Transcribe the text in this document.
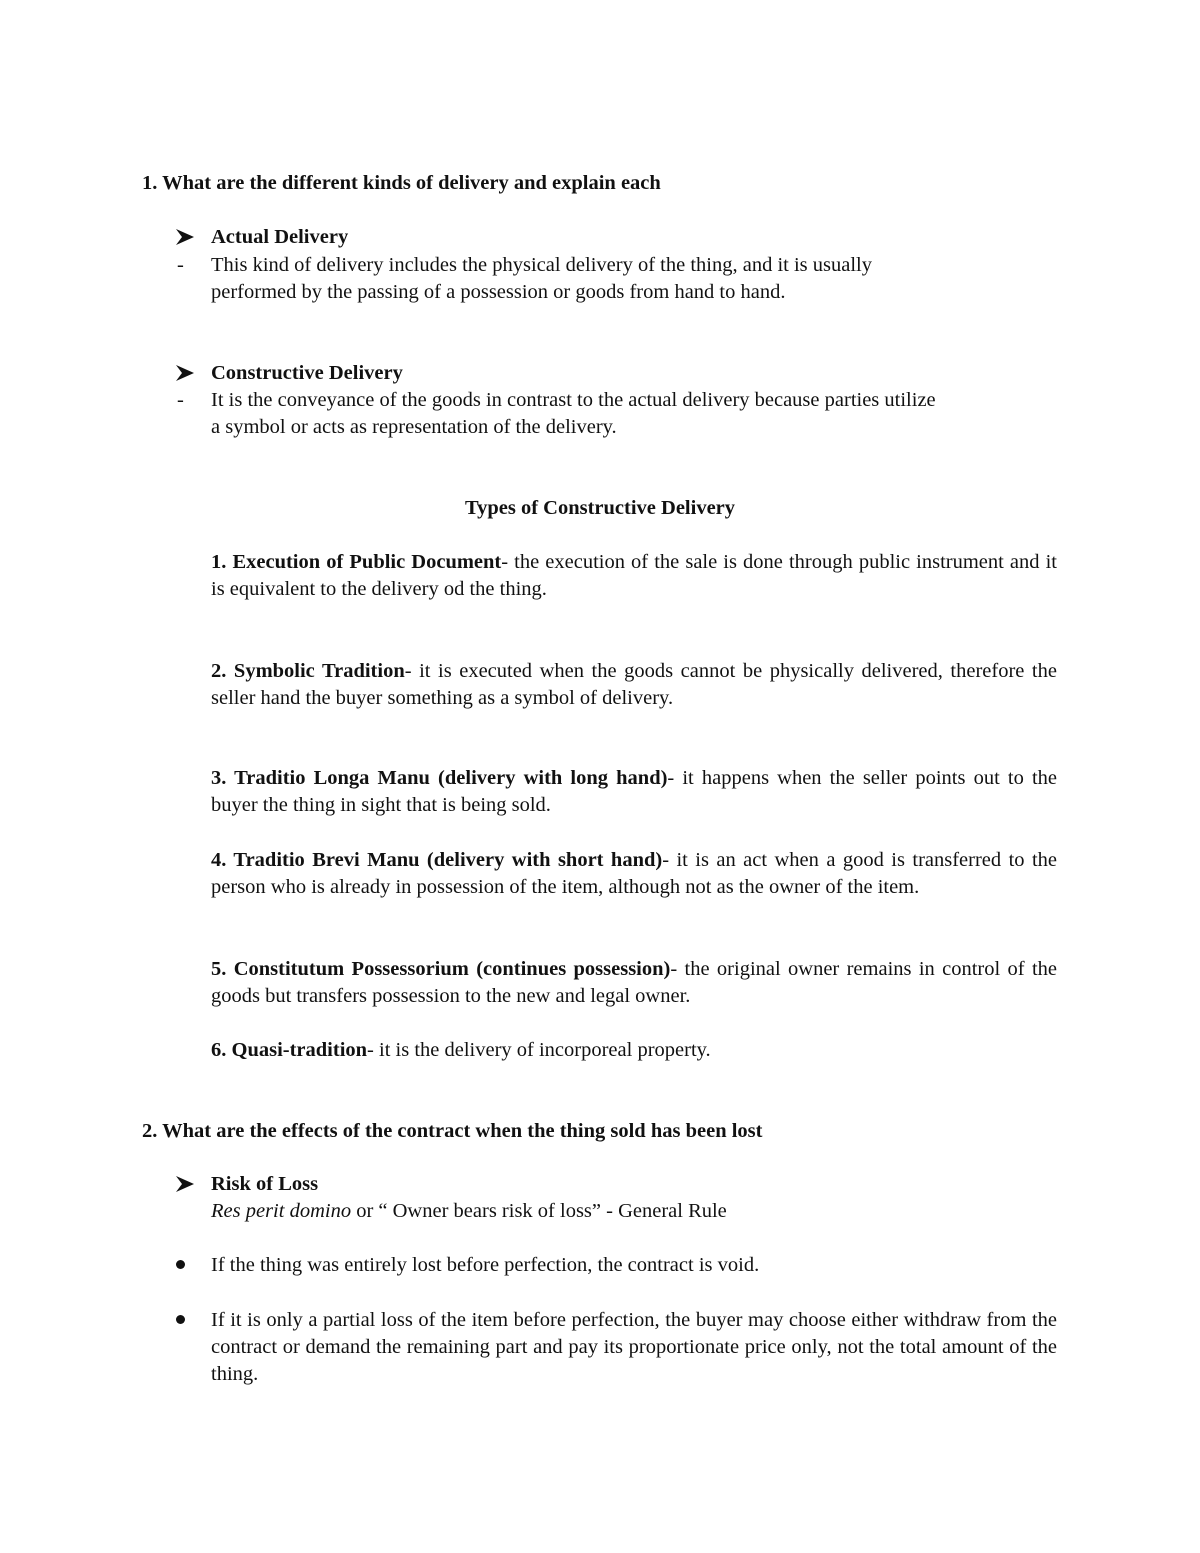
1. What are the different kinds of delivery and explain each
Actual Delivery
- This kind of delivery includes the physical delivery of the thing, and it is usually

performed by the passing of a possession or goods from hand to hand.

Constructive Delivery
- It is the conveyance of the goods in contrast to the actual delivery because parties utilize

a symbol or acts as representation of the delivery.

Types of Constructive Delivery
1. Execution of Public Document- the execution of the sale is done through public instrument and it is equivalent to the delivery od the thing.
2. Symbolic Tradition- it is executed when the goods cannot be physically delivered, therefore the seller hand the buyer something as a symbol of delivery.
3. Traditio Longa Manu (delivery with long hand)- it happens when the seller points out to the buyer the thing in sight that is being sold.
4. Traditio Brevi Manu (delivery with short hand)- it is an act when a good is transferred to the person who is already in possession of the item, although not as the owner of the item.
5. Constitutum Possessorium (continues possession)- the original owner remains in control of the goods but transfers possession to the new and legal owner.
6. Quasi-tradition- it is the delivery of incorporeal property.
2. What are the effects of the contract when the thing sold has been lost
Risk of Loss
Res perit domino or “ Owner bears risk of loss” - General Rule
If the thing was entirely lost before perfection, the contract is void.
If it is only a partial loss of the item before perfection, the buyer may choose either withdraw from the contract or demand the remaining part and pay its proportionate price only, not the total amount of the thing.
